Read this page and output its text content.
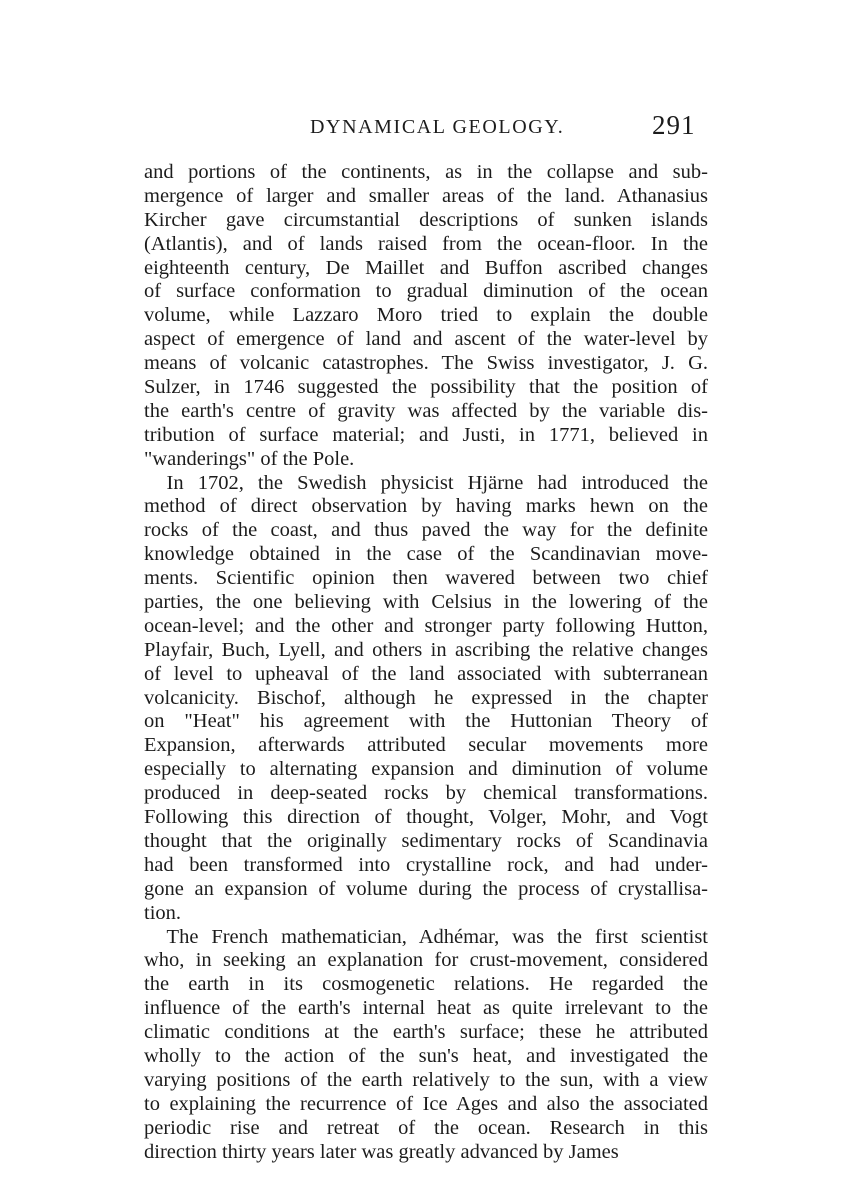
DYNAMICAL GEOLOGY.	291
and portions of the continents, as in the collapse and sub-
mergence of larger and smaller areas of the land. Athanasius
Kircher gave circumstantial descriptions of sunken islands
(Atlantis), and of lands raised from the ocean-floor. In the
eighteenth century, De Maillet and Buffon ascribed changes
of surface conformation to gradual diminution of the ocean
volume, while Lazzaro Moro tried to explain the double
aspect of emergence of land and ascent of the water-level by
means of volcanic catastrophes. The Swiss investigator, J. G.
Sulzer, in 1746 suggested the possibility that the position of
the earth's centre of gravity was affected by the variable dis-
tribution of surface material; and Justi, in 1771, believed in
"wanderings" of the Pole.
In 1702, the Swedish physicist Hjärne had introduced the
method of direct observation by having marks hewn on the
rocks of the coast, and thus paved the way for the definite
knowledge obtained in the case of the Scandinavian move-
ments. Scientific opinion then wavered between two chief
parties, the one believing with Celsius in the lowering of the
ocean-level; and the other and stronger party following Hutton,
Playfair, Buch, Lyell, and others in ascribing the relative changes
of level to upheaval of the land associated with subterranean
volcanicity. Bischof, although he expressed in the chapter
on "Heat" his agreement with the Huttonian Theory of
Expansion, afterwards attributed secular movements more
especially to alternating expansion and diminution of volume
produced in deep-seated rocks by chemical transformations.
Following this direction of thought, Volger, Mohr, and Vogt
thought that the originally sedimentary rocks of Scandinavia
had been transformed into crystalline rock, and had under-
gone an expansion of volume during the process of crystallisa-
tion.
The French mathematician, Adhémar, was the first scientist
who, in seeking an explanation for crust-movement, considered
the earth in its cosmogenetic relations. He regarded the
influence of the earth's internal heat as quite irrelevant to the
climatic conditions at the earth's surface; these he attributed
wholly to the action of the sun's heat, and investigated the
varying positions of the earth relatively to the sun, with a view
to explaining the recurrence of Ice Ages and also the associated
periodic rise and retreat of the ocean. Research in this
direction thirty years later was greatly advanced by James
